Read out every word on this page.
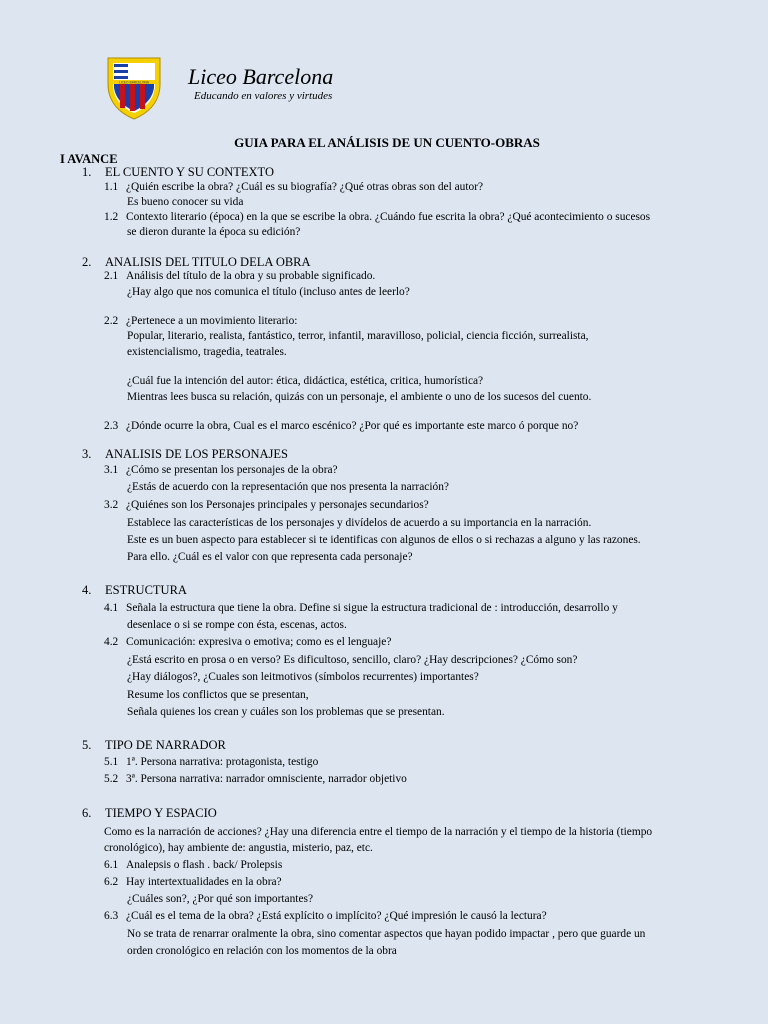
LICEO BARCELONA Liceo Barcelona
Educando en valores y virtudes
GUIA PARA EL ANÁLISIS DE UN CUENTO-OBRAS
I AVANCE
1. EL CUENTO Y SU CONTEXTO
1.1 ¿Quién escribe la obra? ¿Cuál es su biografía? ¿Qué otras obras son del autor?
Es bueno conocer su vida
1.2 Contexto literario (época) en la que se escribe la obra. ¿Cuándo fue escrita la obra? ¿Qué acontecimiento o sucesos
se dieron durante la época su edición?
2. ANALISIS DEL TITULO DELA OBRA
2.1 Análisis del título de la obra y su probable significado.
¿Hay algo que nos comunica el título (incluso antes de leerlo?
2.2 ¿Pertenece a un movimiento literario:
Popular, literario, realista, fantástico, terror, infantil, maravilloso, policial, ciencia ficción, surrealista,
existencialismo, tragedia, teatrales.
¿Cuál fue la intención del autor: ética, didáctica, estética, critica, humorística?
Mientras lees busca su relación, quizás con un personaje, el ambiente o uno de los sucesos del cuento.
2.3 ¿Dónde ocurre la obra, Cual es el marco escénico? ¿Por qué es importante este marco ó porque no?
3. ANALISIS DE LOS PERSONAJES
3.1 ¿Cómo se presentan los personajes de la obra?
¿Estás de acuerdo con la representación que nos presenta la narración?
3.2 ¿Quiénes son los Personajes principales y personajes secundarios?
Establece las características de los personajes y divídelos de acuerdo a su importancia en la narración.
Este es un buen aspecto para establecer si te identificas con algunos de ellos o si rechazas a alguno y las razones.
Para ello. ¿Cuál es el valor con que representa cada personaje?
4. ESTRUCTURA
4.1 Señala la estructura que tiene la obra. Define si sigue la estructura tradicional de : introducción, desarrollo y
desenlace o si se rompe con ésta, escenas, actos.
4.2 Comunicación: expresiva o emotiva; como es el lenguaje?
¿Está escrito en prosa o en verso? Es dificultoso, sencillo, claro? ¿Hay descripciones? ¿Cómo son?
¿Hay diálogos?, ¿Cuales son leitmotivos (símbolos recurrentes) importantes?
Resume los conflictos que se presentan,
Señala quienes los crean y cuáles son los problemas que se presentan.
5. TIPO DE NARRADOR
5.1 1ª. Persona narrativa: protagonista, testigo
5.2 3ª. Persona narrativa: narrador omnisciente, narrador objetivo
6. TIEMPO Y ESPACIO
Como es la narración de acciones? ¿Hay una diferencia entre el tiempo de la narración y el tiempo de la historia (tiempo
cronológico), hay ambiente de: angustia, misterio, paz, etc.
6.1 Analepsis o flash . back/ Prolepsis
6.2 Hay intertextualidades en la obra?
¿Cuáles son?, ¿Por qué son importantes?
6.3 ¿Cuál es el tema de la obra? ¿Está explícito o implícito? ¿Qué impresión le causó la lectura?
No se trata de renarrar oralmente la obra, sino comentar aspectos que hayan podido impactar , pero que guarde un
orden cronológico en relación con los momentos de la obra
